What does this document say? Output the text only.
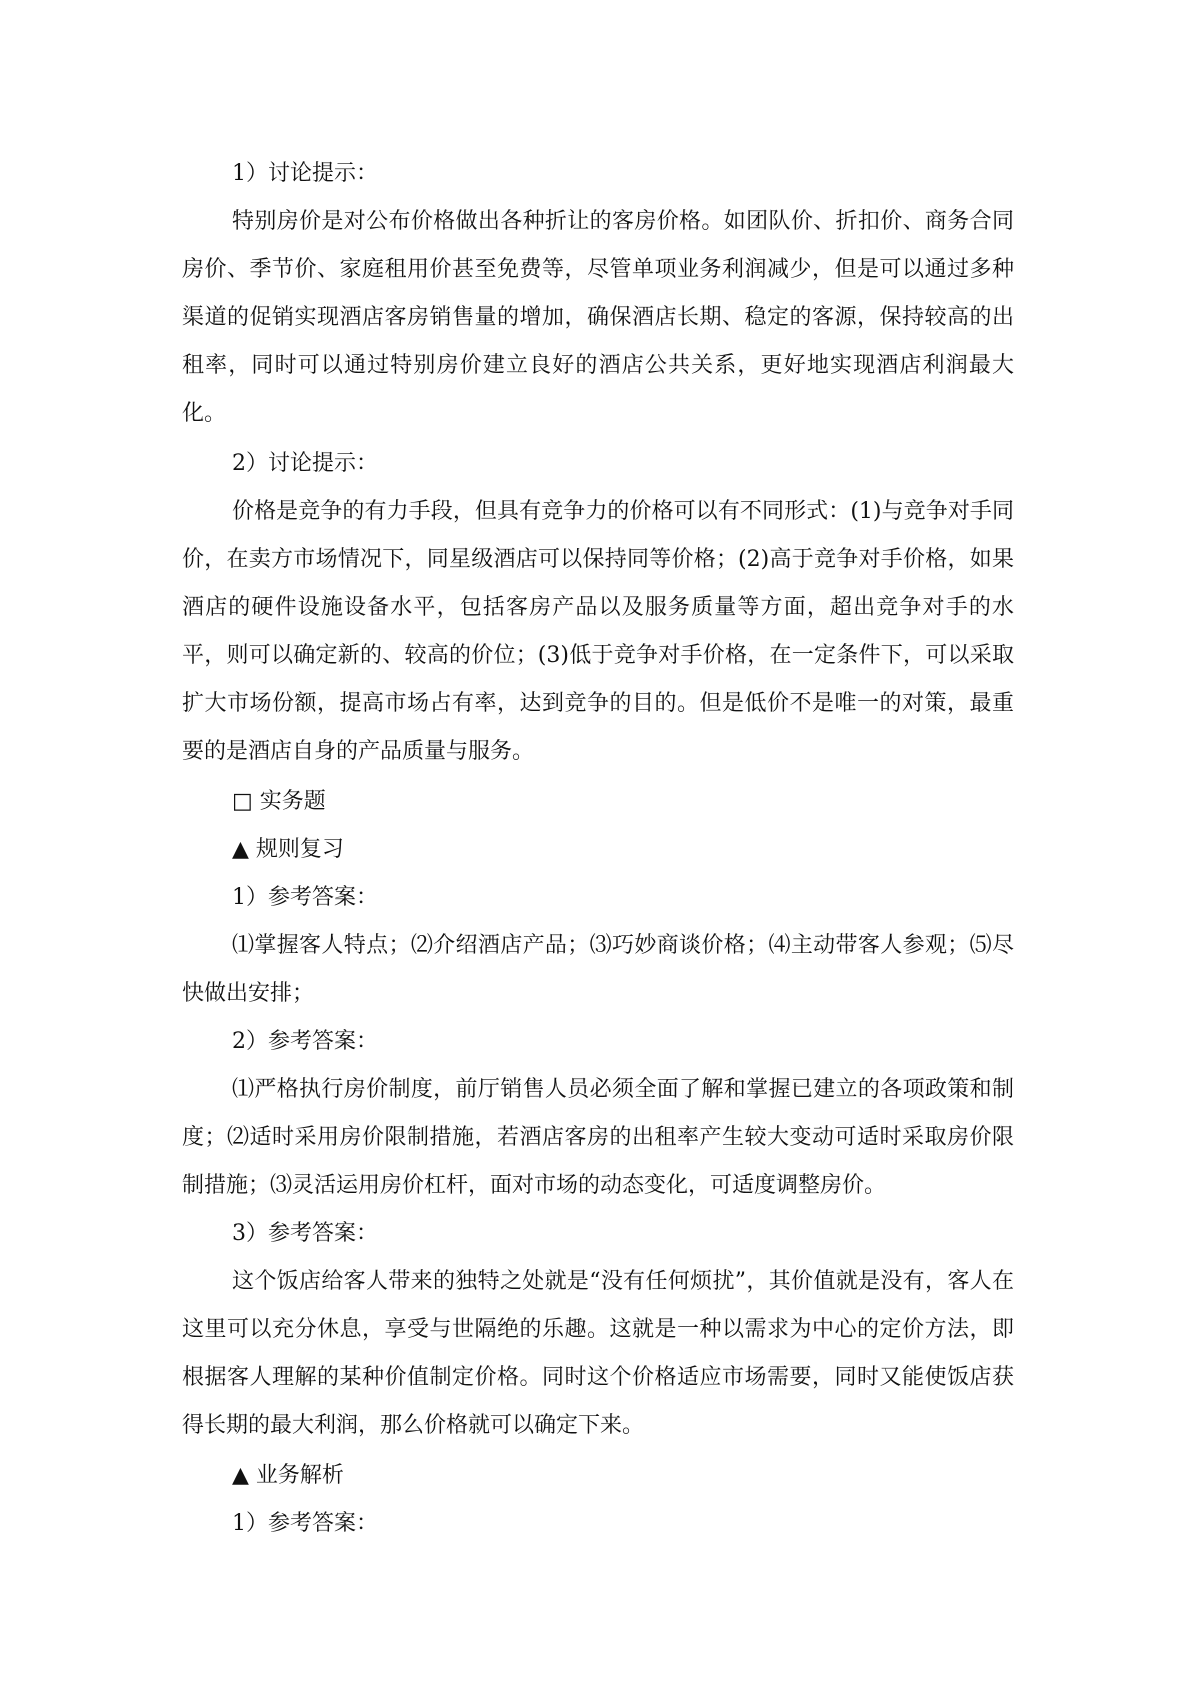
1）讨论提示：

特别房价是对公布价格做出各种折让的客房价格。如团队价、折扣价、商务合同房价、季节价、家庭租用价甚至免费等，尽管单项业务利润减少，但是可以通过多种渠道的促销实现酒店客房销售量的增加，确保酒店长期、稳定的客源，保持较高的出租率，同时可以通过特别房价建立良好的酒店公共关系，更好地实现酒店利润最大化。

2）讨论提示：

价格是竞争的有力手段，但具有竞争力的价格可以有不同形式：(1)与竞争对手同价，在卖方市场情况下，同星级酒店可以保持同等价格；(2)高于竞争对手价格，如果酒店的硬件设施设备水平，包括客房产品以及服务质量等方面，超出竞争对手的水平，则可以确定新的、较高的价位；(3)低于竞争对手价格，在一定条件下，可以采取扩大市场份额，提高市场占有率，达到竞争的目的。但是低价不是唯一的对策，最重要的是酒店自身的产品质量与服务。

□ 实务题

▲ 规则复习

1）参考答案：

⑴掌握客人特点；⑵介绍酒店产品；⑶巧妙商谈价格；⑷主动带客人参观；⑸尽快做出安排；

2）参考答案：

⑴严格执行房价制度，前厅销售人员必须全面了解和掌握已建立的各项政策和制度；⑵适时采用房价限制措施，若酒店客房的出租率产生较大变动可适时采取房价限制措施；⑶灵活运用房价杠杆，面对市场的动态变化，可适度调整房价。

3）参考答案：

这个饭店给客人带来的独特之处就是“没有任何烦扰”，其价值就是没有，客人在这里可以充分休息，享受与世隔绝的乐趣。这就是一种以需求为中心的定价方法，即根据客人理解的某种价值制定价格。同时这个价格适应市场需要，同时又能使饭店获得长期的最大利润，那么价格就可以确定下来。

▲ 业务解析

1）参考答案：
